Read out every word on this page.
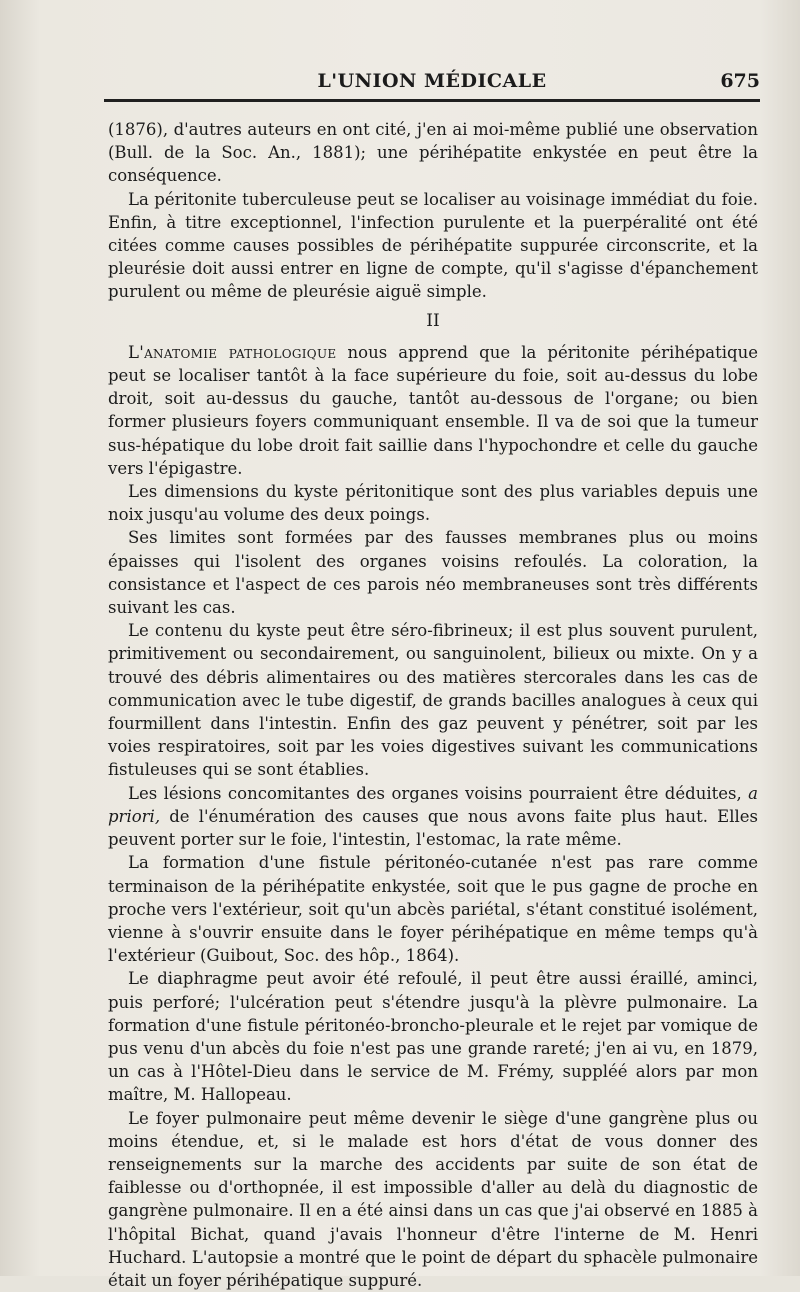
L'UNION MÉDICALE	675

(1876), d'autres auteurs en ont cité, j'en ai moi-même publié une observation (Bull. de la Soc. An., 1881); une périhépatite enkystée en peut être la conséquence.

La péritonite tuberculeuse peut se localiser au voisinage immédiat du foie. Enfin, à titre exceptionnel, l'infection purulente et la puerpéralité ont été citées comme causes possibles de périhépatite suppurée circonscrite, et la pleurésie doit aussi entrer en ligne de compte, qu'il s'agisse d'épanchement purulent ou même de pleurésie aiguë simple.

II

L'anatomie pathologique nous apprend que la péritonite périhépatique peut se localiser tantôt à la face supérieure du foie, soit au-dessus du lobe droit, soit au-dessus du gauche, tantôt au-dessous de l'organe; ou bien former plusieurs foyers communiquant ensemble. Il va de soi que la tumeur sus-hépatique du lobe droit fait saillie dans l'hypochondre et celle du gauche vers l'épigastre.

Les dimensions du kyste péritonitique sont des plus variables depuis une noix jusqu'au volume des deux poings.

Ses limites sont formées par des fausses membranes plus ou moins épaisses qui l'isolent des organes voisins refoulés. La coloration, la consistance et l'aspect de ces parois néo membraneuses sont très différents suivant les cas.

Le contenu du kyste peut être séro-fibrineux; il est plus souvent purulent, primitivement ou secondairement, ou sanguinolent, bilieux ou mixte. On y a trouvé des débris alimentaires ou des matières stercorales dans les cas de communication avec le tube digestif, de grands bacilles analogues à ceux qui fourmillent dans l'intestin. Enfin des gaz peuvent y pénétrer, soit par les voies respiratoires, soit par les voies digestives suivant les communications fistuleuses qui se sont établies.

Les lésions concomitantes des organes voisins pourraient être déduites, a priori, de l'énumération des causes que nous avons faite plus haut. Elles peuvent porter sur le foie, l'intestin, l'estomac, la rate même.

La formation d'une fistule péritonéo-cutanée n'est pas rare comme terminaison de la périhépatite enkystée, soit que le pus gagne de proche en proche vers l'extérieur, soit qu'un abcès pariétal, s'étant constitué isolément, vienne à s'ouvrir ensuite dans le foyer périhépatique en même temps qu'à l'extérieur (Guibout, Soc. des hôp., 1864).

Le diaphragme peut avoir été refoulé, il peut être aussi éraillé, aminci, puis perforé; l'ulcération peut s'étendre jusqu'à la plèvre pulmonaire. La formation d'une fistule péritonéo-broncho-pleurale et le rejet par vomique de pus venu d'un abcès du foie n'est pas une grande rareté; j'en ai vu, en 1879, un cas à l'Hôtel-Dieu dans le service de M. Frémy, suppléé alors par mon maître, M. Hallopeau.

Le foyer pulmonaire peut même devenir le siège d'une gangrène plus ou moins étendue, et, si le malade est hors d'état de vous donner des renseignements sur la marche des accidents par suite de son état de faiblesse ou d'orthopnée, il est impossible d'aller au delà du diagnostic de gangrène pulmonaire. Il en a été ainsi dans un cas que j'ai observé en 1885 à l'hôpital Bichat, quand j'avais l'honneur d'être l'interne de M. Henri Huchard. L'autopsie a montré que le point de départ du sphacèle pulmonaire était un foyer périhépatique suppuré.
